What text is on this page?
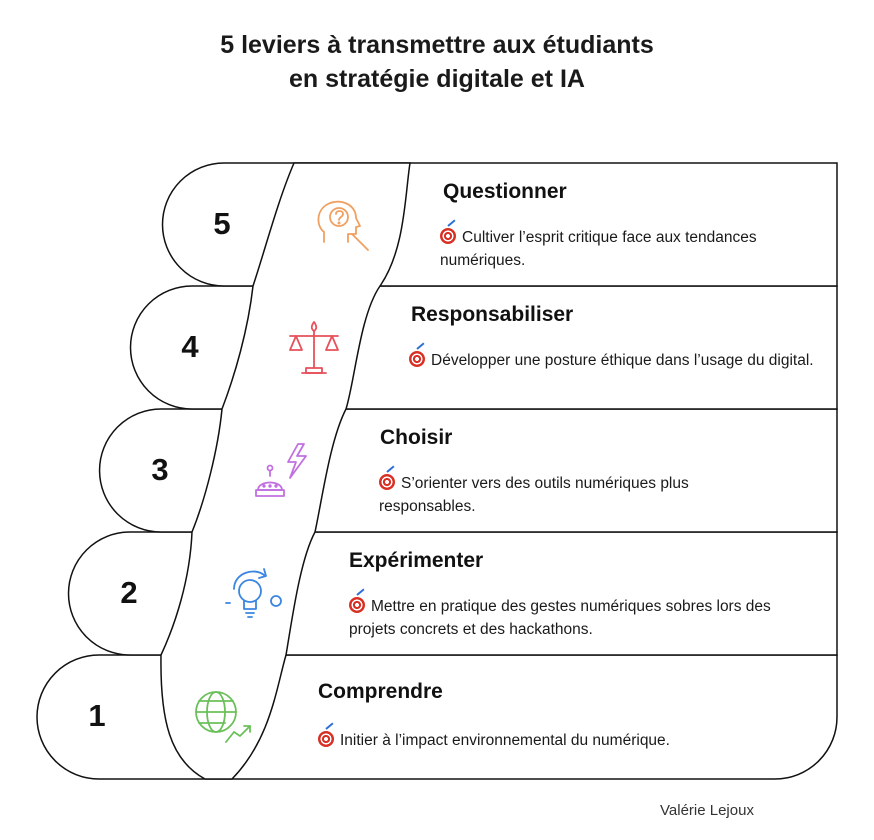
5 leviers à transmettre aux étudiants
en stratégie digitale et IA
5
4
3
2
1
Questionner
Cultiver l’esprit critique face aux tendances numériques.
Responsabiliser
Développer une posture éthique dans l’usage du digital.
Choisir
S’orienter vers des outils numériques plus responsables.
Expérimenter
Mettre en pratique des gestes numériques sobres lors des projets concrets et des hackathons.
Comprendre
Initier à l’impact environnemental du numérique.
Valérie Lejoux
